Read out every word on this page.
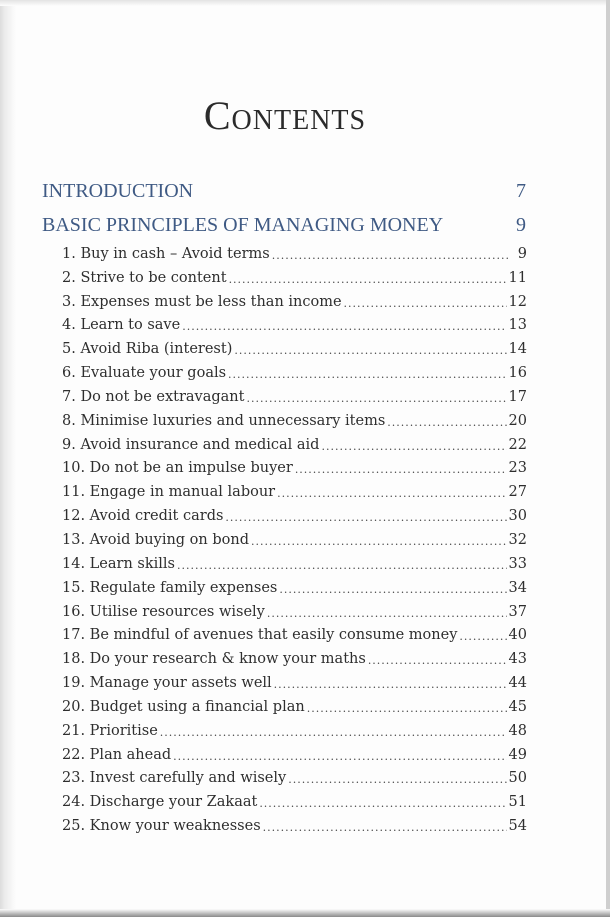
Contents
INTRODUCTION	7
BASIC PRINCIPLES OF MANAGING MONEY	9
1. Buy in cash – Avoid terms .....	9
2. Strive to be content .....	11
3. Expenses must be less than income .....	12
4. Learn to save .....	13
5. Avoid Riba (interest) .....	14
6. Evaluate your goals .....	16
7. Do not be extravagant .....	17
8. Minimise luxuries and unnecessary items .....	20
9. Avoid insurance and medical aid .....	22
10. Do not be an impulse buyer .....	23
11. Engage in manual labour .....	27
12. Avoid credit cards .....	30
13. Avoid buying on bond .....	32
14. Learn skills .....	33
15. Regulate family expenses .....	34
16. Utilise resources wisely .....	37
17. Be mindful of avenues that easily consume money .....	40
18. Do your research & know your maths .....	43
19. Manage your assets well .....	44
20. Budget using a financial plan .....	45
21. Prioritise .....	48
22. Plan ahead .....	49
23. Invest carefully and wisely .....	50
24. Discharge your Zakaat .....	51
25. Know your weaknesses .....	54
